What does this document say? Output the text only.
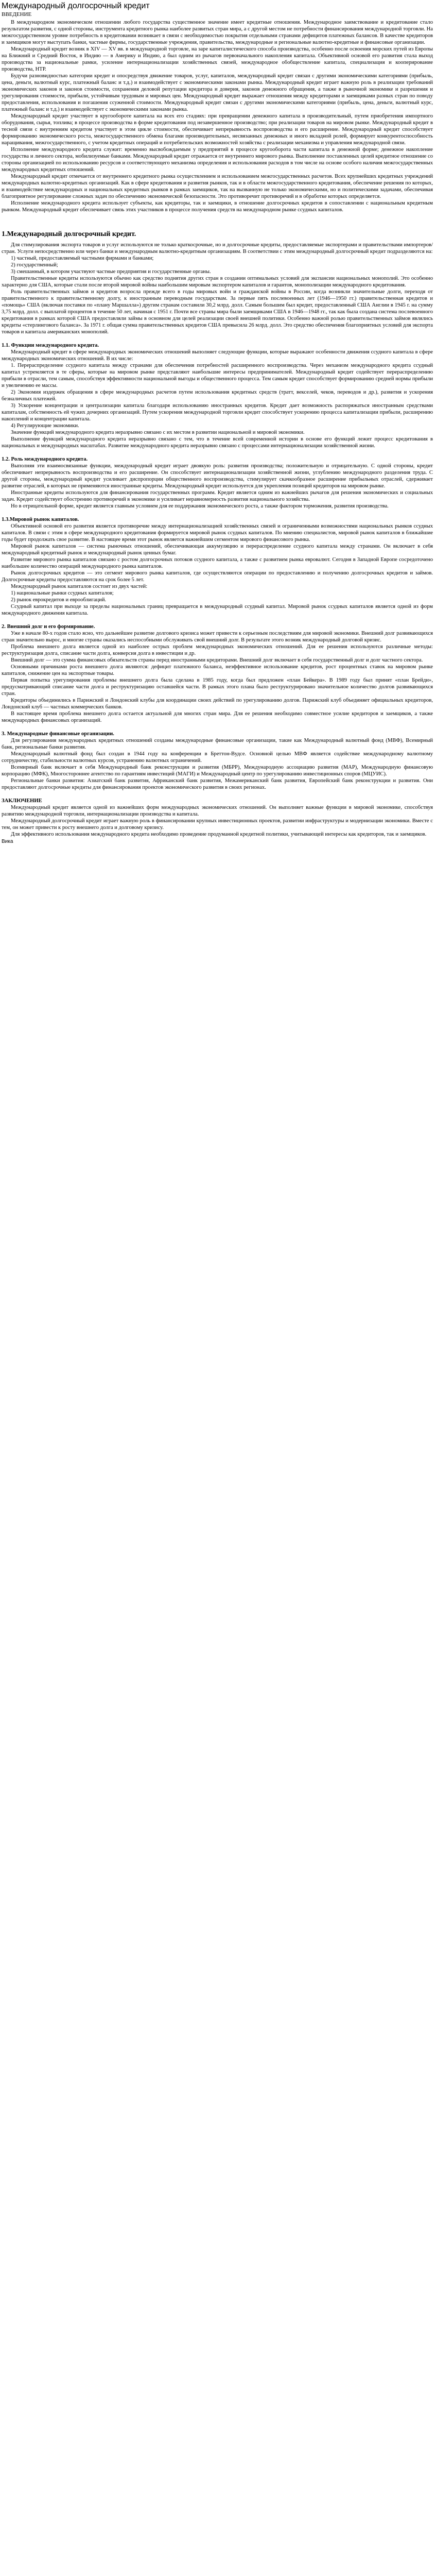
Международный долгосрочный кредит
ВВЕДЕНИЕ

В международном экономическом отношении любого государства существенное значение имеет кредитные отношения. Международное заимствование и кредитование стало результатом развития, с одной стороны, инструмента кредитного рынка наиболее развитых стран мира, а с другой местом не потребности финансирования международной торговли. На межгосударственном уровне потребность в кредитовании возникает в связи с необходимостью покрытия отдельными странами дефицитов платежных балансов. В качестве кредиторов и заемщиков могут выступать банки, частные фирмы, государственные учреждения, правительства, международные и региональные валютно-кредитные и финансовые организации.

Международный кредит возник в XIV — XV вв. в международной торговле, на заре капиталистического способа производства, особенно после освоения морских путей из Европы на Ближний и Средний Восток, в Индию — в Америку и Индию, а был одним из рычагов первоначального накопления капитала. Объективной основой его развития стала выход производства за национальные рамки, усиление интернационализации хозяйственных связей, международное обобществление капитала, специализация и кооперирование производства, НТР.

Будучи разновидностью категории кредит и опосредствуя движение товаров, услуг, капиталов, международный кредит связан с другими экономическими категориями (прибыль, цена, деньги, валютный курс, платежный баланс и т.д.) и взаимодействует с экономическими законами рынка. Международный кредит играет важную роль в реализации требований экономических законов и законов стоимости, сохранения деловой репутации кредитора и доверия, законов денежного обращения, а также в рыночной экономике и разрешения и урегулирования стоимости, прибыли, устойчивым трудовым и мировых цен. Международный кредит выражает отношения между кредиторами и заемщиками разных стран по поводу предоставления, использования и погашения ссуженной стоимости. Международный кредит связан с другими экономическими категориями (прибыль, цена, деньги, валютный курс, платежный баланс и т.д.) и взаимодействует с экономическими законами рынка.

Международный кредит участвует в кругообороте капитала на всех его стадиях: при превращении денежного капитала в производительный, путем приобретения импортного оборудования, сырья, топлива; в процессе производства в форме кредитования под незавершенное производство; при реализации товаров на мировом рынке. Международный кредит в тесной связи с внутренним кредитом участвует в этом цикле стоимости, обеспечивает непрерывность воспроизводства и его расширение. Международный кредит способствует формированию экономического роста, межгосударственного обмена благами производительных, несвязанных денежных и иного вкладной ролей, формирует конкурентоспособность наращивания, межгосударственного, с учетом кредитных операций и потребительских возможностей хозяйства с реализации механизма и управления международной связи.

Исполнение международного кредита служит: временно высвобождаемым у предприятий в процессе кругооборота части капитала в денежной форме; денежное накопление государства и личного сектора, мобилизуемые банками. Международный кредит отражается от внутреннего мирового рынка. Выполнение поставленных целей кредитное отношение со стороны организацией по использованию ресурсов и соответствующего механизма определения и использования расходов в том числе на основе особого наличия межгосударственных международных кредитных отношений.

Международный кредит отмечается от внутреннего кредитного рынка осуществлением и использованием межгосударственных расчетов. Всех крупнейших кредитных учреждений международных валютно-кредитных организаций. Как в сфере кредитования и развития рынков, так и в области межгосударственного кредитования, обеспечение решения по которых, и взаимодействие международных и национальных кредитных рынков в рамках заемщиков, так на вызванную не только экономическими, но и политическими задачами, обеспечивая благоприятное регулирование сложных задач по обеспечению экономической безопасности. Это противоречит противоречий и в обработке которых определяется.

Исполнение международного кредита использует субъекты, как кредиторы, так и заемщики, в отношение долгосрочных кредитов в сопоставлении с национальным кредитным рынком. Международный кредит обеспечивает связь этих участников в процессе получения средств на международном рынке ссудных капиталов.

1.Международный долгосрочный кредит.

Для стимулирования экспорта товаров и услуг используются не только краткосрочные, но и долгосрочные кредиты, предоставляемые экспортерами и правительствами импортеров/стран. Услуги непосредственно или через банки и международным валютно-кредитным организациям. В соответствии с этим международный долгосрочный кредит подразделяются на:

1) частный, предоставляемый частными фирмами и банками;

2) государственный;

3) смешанный, в котором участвуют частные предприятия и государственные органы.

Правительственные кредиты используются обычно как средство поднятия других стран в создании оптимальных условий для экспансии национальных монополий. Это особенно характерно для США, которые стали после второй мировой войны наибольшим мировым экспортером капиталов и гарантов, монополизации международного кредитования.

Роль правительственных займов и кредитов возросла прежде всего в годы мировых войн и гражданской войны в России, когда возникли значительные долги, переходя от правительственного к правительственному долгу, к иностранным переводным государствам. За первые пять послевоенных лет (1946—1950 гг.) правительственная кредитов и «помощь» США (включая поставки по «плану Маршалла») другим странам составили 30,2 млрд. долл. Самым большим был кредит, предоставленный США Англии в 1945 г. на сумму 3,75 млрд. долл. с выплатой процентов в течение 50 лет, начиная с 1951 г. Почти все страны мира были заемщиками США в 1946—1948 гг., так как была создана система послевоенного кредитования в рамках которой США предоставляли займы в основном для целей реализации своей внешней политики. Особенно важной ролью правительственных займов являлись кредиты «стерлингового баланса». За 1971 г. общая сумма правительственных кредитов США превысила 26 млрд. долл. Это средство обеспечения благоприятных условий для экспорта товаров и капитала американских монополий.

1.1. Функции международного кредита.

Международный кредит в сфере международных экономических отношений выполняет следующие функции, которые выражают особенности движения ссудного капитала в сфере международных экономических отношений. В их числе:

1. Перераспределение ссудного капитала между странами для обеспечения потребностей расширенного воспроизводства. Через механизм международного кредита ссудный капитал устремляется в те сферы, которые на мировом рынке представляют наибольшие интересы предпринимателей. Международный кредит содействует перераспределению прибыли в отрасли, тем самым, способствуя эффективности национальной выгоды и общественного процесса. Тем самым кредит способствует формированию средней нормы прибыли и увеличению ее массы.

2) Экономия издержек обращения в сфере международных расчетов путем использования кредитных средств (тратт, векселей, чеков, переводов и др.), развития и ускорения безналичных платежей.

3) Ускорение концентрации и централизации капитала благодаря использованию иностранных кредитов. Кредит дает возможность распоряжаться иностранным средствами капиталам, собственность ей чужих дочерних организаций. Путем ускорения международной торговли кредит способствует ускорению процесса капитализации прибыли, расширению накоплений и концентрации капитала.

4) Регулирующие экономики.

Значение функций международного кредита неразрывно связано с их местом в развитии национальной и мировой экономики.

Выполнение функций международного кредита неразрывно связано с тем, что в течение всей современной истории в основе его функций лежит процесс кредитования в национальных и международных масштабах. Развитие международного кредита неразрывно связано с процессами интернационализации хозяйственной жизни.

1.2. Роль международного кредита.

Выполняя эти взаимосвязанные функции, международный кредит играет двоякую роль: развития производства; положительную и отрицательную. С одной стороны, кредит обеспечивает непрерывность воспроизводства и его расширение. Он способствует интернационализации хозяйственной жизни, углублению международного разделения труда. С другой стороны, международный кредит усиливает диспропорции общественного воспроизводства, стимулирует скачкообразное расширение прибыльных отраслей, сдерживает развитие отраслей, в которых не применяются иностранные кредиты. Международный кредит используется для укрепления позиций кредиторов на мировом рынке.

Иностранные кредиты используются для финансирования государственных программ. Кредит является одним из важнейших рычагов для решения экономических и социальных задач. Кредит содействует обострению противоречий в экономике и усиливает неравномерность развития национального хозяйства.

Но в отрицательной форме, кредит является главным условием для ее поддержания экономического роста, а также фактором торможения, развития производства.

1.3.Мировой рынок капиталов.

Объективной основой его развития является противоречие между интернационализацией хозяйственных связей и ограниченными возможностями национальных рынков ссудных капиталов. В связи с этим в сфере международного кредитования формируется мировой рынок ссудных капиталов. По мнению специалистов, мировой рынок капиталов в ближайшие годы будет продолжать свое развитие. В настоящее время этот рынок является важнейшим сегментом мирового финансового рынка.

Мировой рынок капиталов — система рыночных отношений, обеспечивающая аккумуляцию и перераспределение ссудного капитала между странами. Он включает в себя международный кредитный рынок и международный рынок ценных бумаг.

Развитие мирового рынка капиталов связано с ростом долгосрочных потоков ссудного капитала, а также с развитием рынка евровалют. Сегодня в Западной Европе сосредоточено наибольшее количество операций международного рынка капиталов.

Рынок долгосрочных кредитов — это сегмент мирового рынка капиталов, где осуществляются операции по предоставлению и получению долгосрочных кредитов и займов. Долгосрочные кредиты предоставляются на срок более 5 лет.

Международный рынок капиталов состоит из двух частей:

1) национальные рынки ссудных капиталов;

2) рынок еврокредитов и еврооблигаций.

Ссудный капитал при выходе за пределы национальных границ превращается в международный ссудный капитал. Мировой рынок ссудных капиталов является одной из форм международного движения капитала.

2. Внешний долг и его формирование.

Уже в начале 80-х годов стало ясно, что дальнейшее развитие долгового кризиса может привести к серьезным последствиям для мировой экономики. Внешний долг развивающихся стран значительно вырос, и многие страны оказались неспособными обслуживать свой внешний долг. В результате этого возник международный долговой кризис.

Проблема внешнего долга является одной из наиболее острых проблем международных экономических отношений. Для ее решения используются различные методы: реструктуризация долга, списание части долга, конверсия долга в инвестиции и др.

Внешний долг — это сумма финансовых обязательств страны перед иностранными кредиторами. Внешний долг включает в себя государственный долг и долг частного сектора.

Основными причинами роста внешнего долга являются: дефицит платежного баланса, неэффективное использование кредитов, рост процентных ставок на мировом рынке капиталов, снижение цен на экспортные товары.

Первая попытка урегулирования проблемы внешнего долга была сделана в 1985 году, когда был предложен «план Бейкера». В 1989 году был принят «план Брейди», предусматривающий списание части долга и реструктуризацию оставшейся части. В рамках этого плана было реструктурировано значительное количество долгов развивающихся стран.

Кредиторы объединились в Парижский и Лондонский клубы для координации своих действий по урегулированию долгов. Парижский клуб объединяет официальных кредиторов, Лондонский клуб — частных коммерческих банков.

В настоящее время проблема внешнего долга остается актуальной для многих стран мира. Для ее решения необходимо совместное усилие кредиторов и заемщиков, а также международных финансовых организаций.

3. Международные финансовые организации.

Для регулирования международных кредитных отношений созданы международные финансовые организации, такие как Международный валютный фонд (МВФ), Всемирный банк, региональные банки развития.

Международный валютный фонд был создан в 1944 году на конференции в Бреттон-Вудсе. Основной целью МВФ является содействие международному валютному сотрудничеству, стабильности валютных курсов, устранению валютных ограничений.

Всемирный банк включает в себя Международный банк реконструкции и развития (МБРР), Международную ассоциацию развития (МАР), Международную финансовую корпорацию (МФК), Многостороннее агентство по гарантиям инвестиций (МАГИ) и Международный центр по урегулированию инвестиционных споров (МЦУИС).

Региональные банки развития: Азиатский банк развития, Африканский банк развития, Межамериканский банк развития, Европейский банк реконструкции и развития. Они предоставляют долгосрочные кредиты для финансирования проектов экономического развития в своих регионах.

ЗАКЛЮЧЕНИЕ

Международный кредит является одной из важнейших форм международных экономических отношений. Он выполняет важные функции в мировой экономике, способствуя развитию международной торговли, интернационализации производства и капитала.

Международный долгосрочный кредит играет важную роль в финансировании крупных инвестиционных проектов, развитии инфраструктуры и модернизации экономики. Вместе с тем, он может привести к росту внешнего долга и долговому кризису.

Для эффективного использования международного кредита необходимо проведение продуманной кредитной политики, учитывающей интересы как кредиторов, так и заемщиков.

Вика
